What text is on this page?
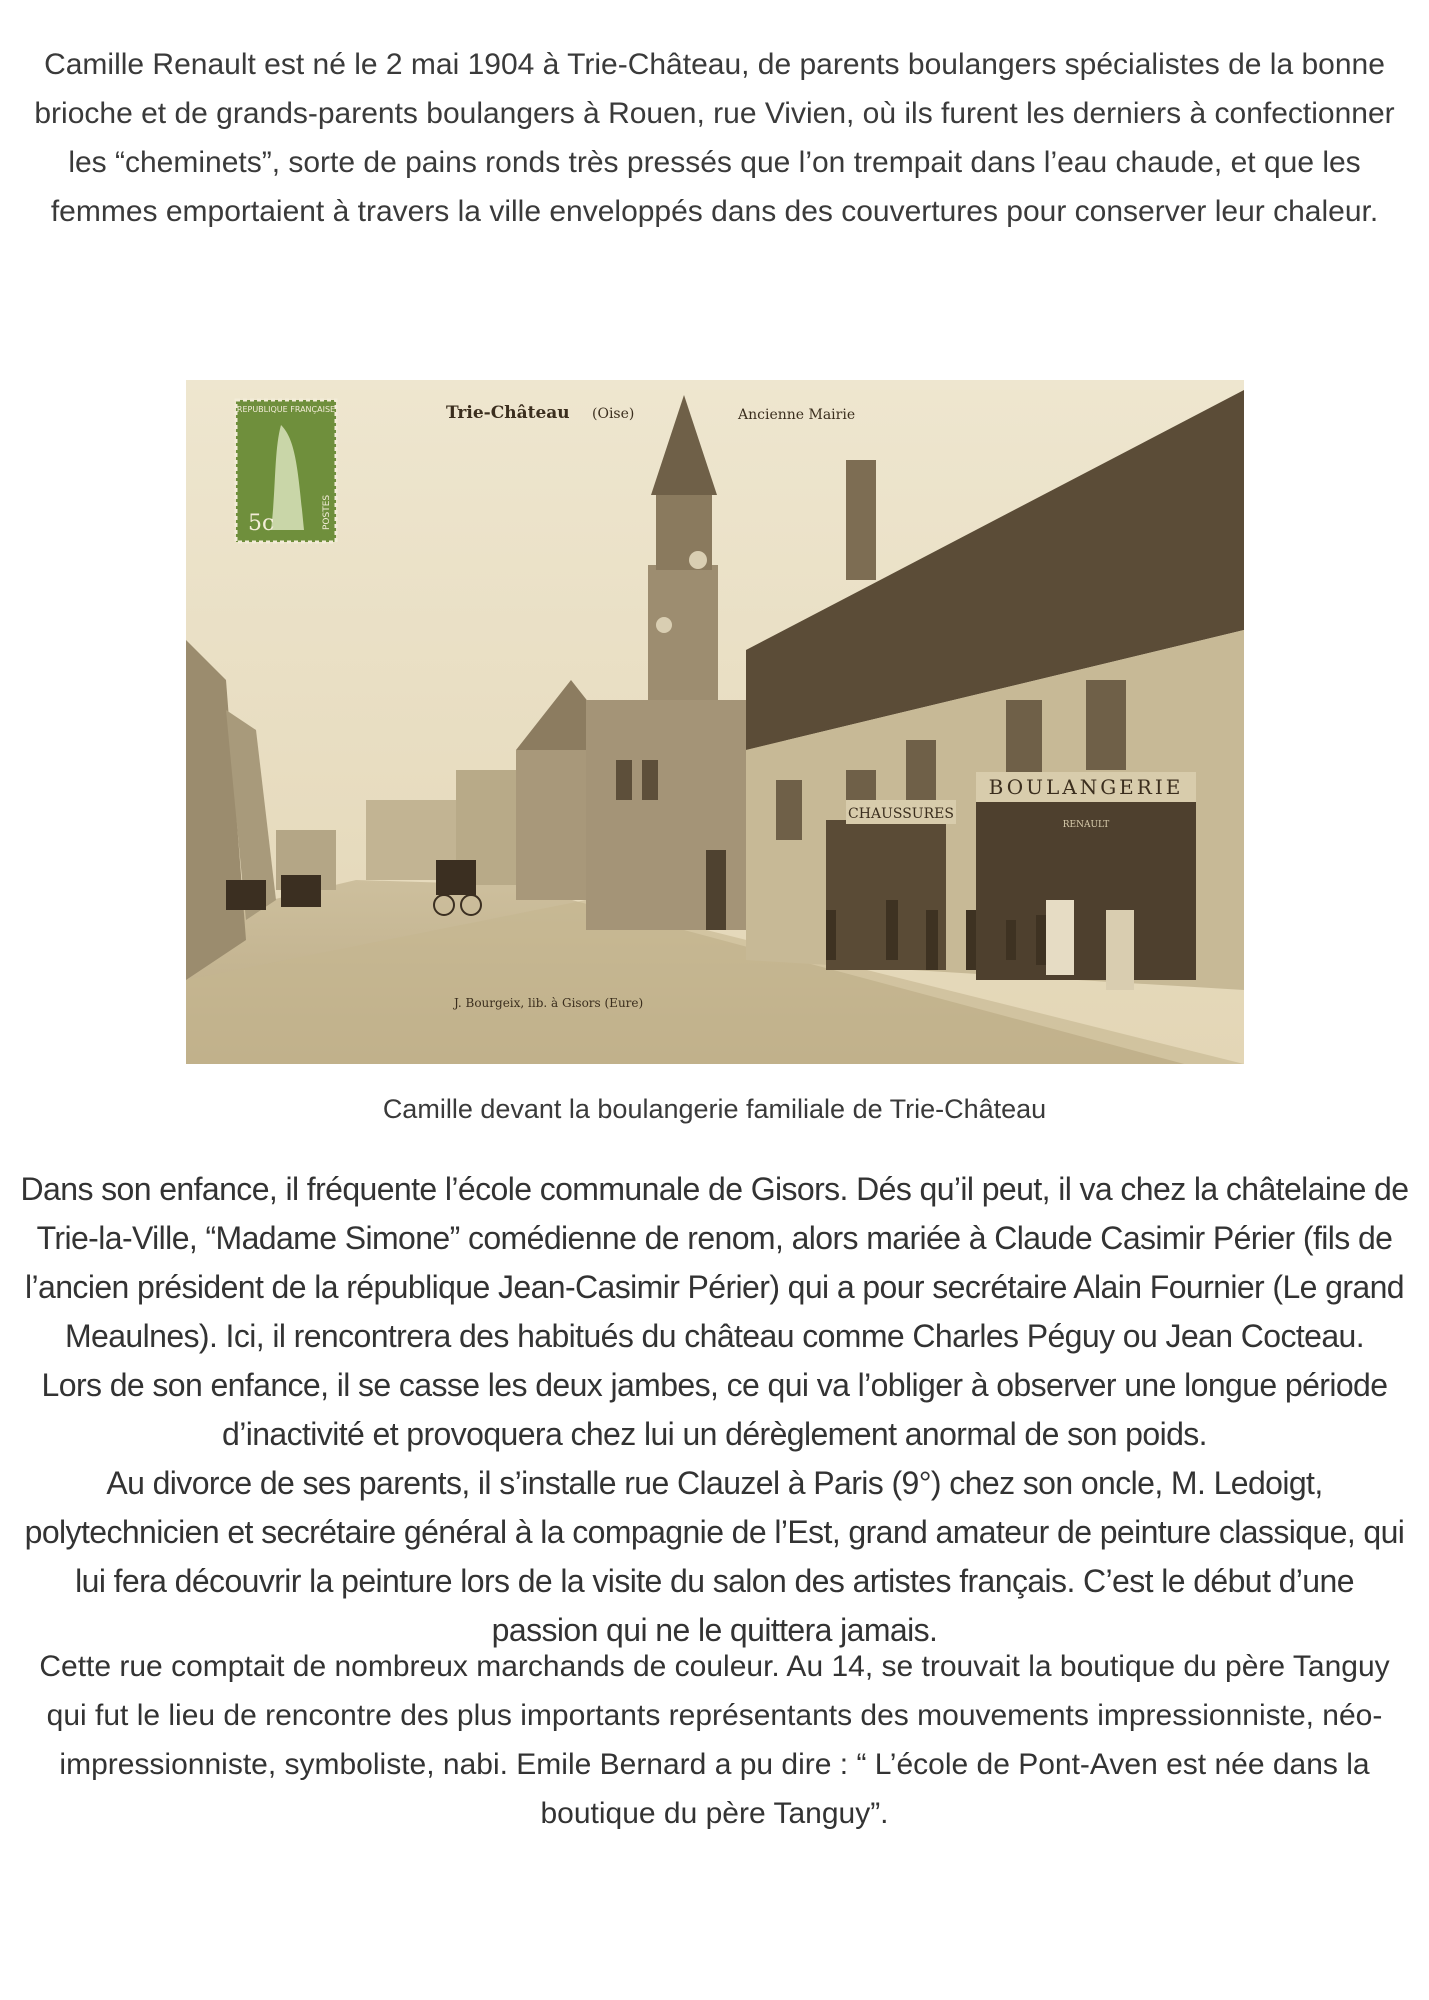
Camille Renault est né le 2 mai 1904 à Trie-Château, de parents boulangers spécialistes de la bonne brioche et de grands-parents boulangers à Rouen, rue Vivien, où ils furent les derniers à confectionner les “cheminets”, sorte de pains ronds très pressés que l’on trempait dans l’eau chaude, et que les femmes emportaient à travers la ville enveloppés dans des couvertures pour conserver leur chaleur.
CHAUSSURES
BOULANGERIE
RENAULT
REPUBLIQUE FRANÇAISE
5c	POSTES
Trie-Château (Oise)	Ancienne Mairie
J. Bourgeix, lib. à Gisors (Eure)
Camille devant la boulangerie familiale de Trie-Château

Dans son enfance, il fréquente l’école communale de Gisors. Dés qu’il peut, il va chez la châtelaine de Trie-la-Ville, “Madame Simone” comédienne de renom, alors mariée à Claude Casimir Périer (fils de l’ancien président de la république Jean-Casimir Périer) qui a pour secrétaire Alain Fournier (Le grand Meaulnes). Ici, il rencontrera des habitués du château comme Charles Péguy ou Jean Cocteau.

Lors de son enfance, il se casse les deux jambes, ce qui va l’obliger à observer une longue période d’inactivité et provoquera chez lui un dérèglement anormal de son poids.

Au divorce de ses parents, il s’installe rue Clauzel à Paris (9°) chez son oncle, M. Ledoigt, polytechnicien et secrétaire général à la compagnie de l’Est, grand amateur de peinture classique, qui lui fera découvrir la peinture lors de la visite du salon des artistes français. C’est le début d’une passion qui ne le quittera jamais.

Cette rue comptait de nombreux marchands de couleur. Au 14, se trouvait la boutique du père Tanguy qui fut le lieu de rencontre des plus importants représentants des mouvements impressionniste, néo-impressionniste, symboliste, nabi. Emile Bernard a pu dire : “ L’école de Pont-Aven est née dans la boutique du père Tanguy”.
